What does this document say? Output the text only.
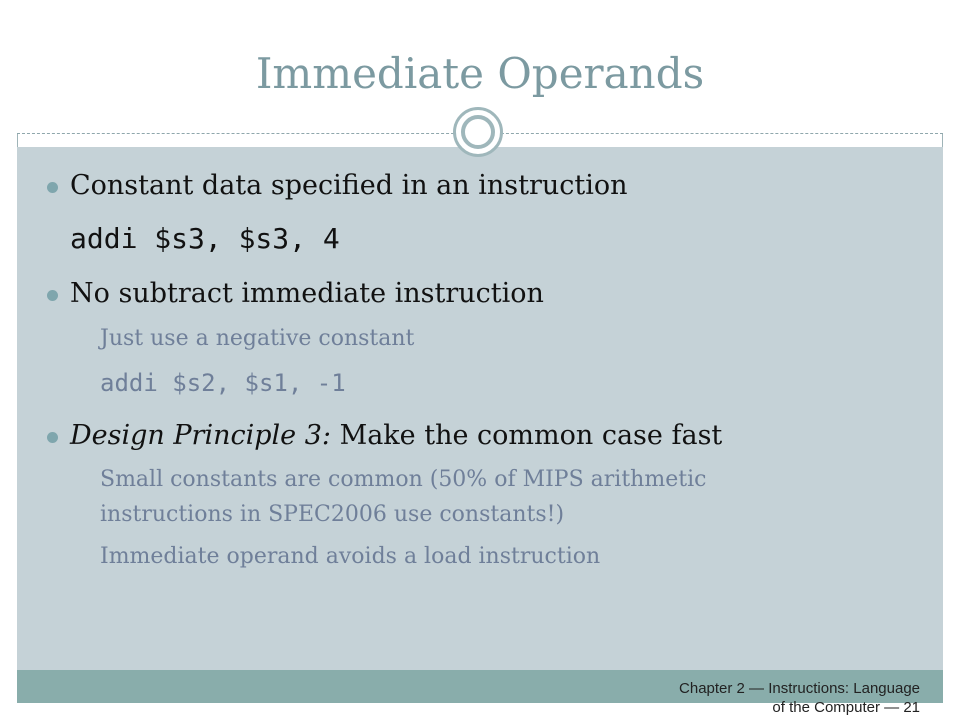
Immediate Operands
Constant data specified in an instruction
addi $s3, $s3, 4
No subtract immediate instruction
Just use a negative constant
addi $s2, $s1, -1
Design Principle 3: Make the common case fast
Small constants are common (50% of MIPS arithmetic
instructions in SPEC2006 use constants!)
Immediate operand avoids a load instruction
Chapter 2 — Instructions: Language
of the Computer — 21
